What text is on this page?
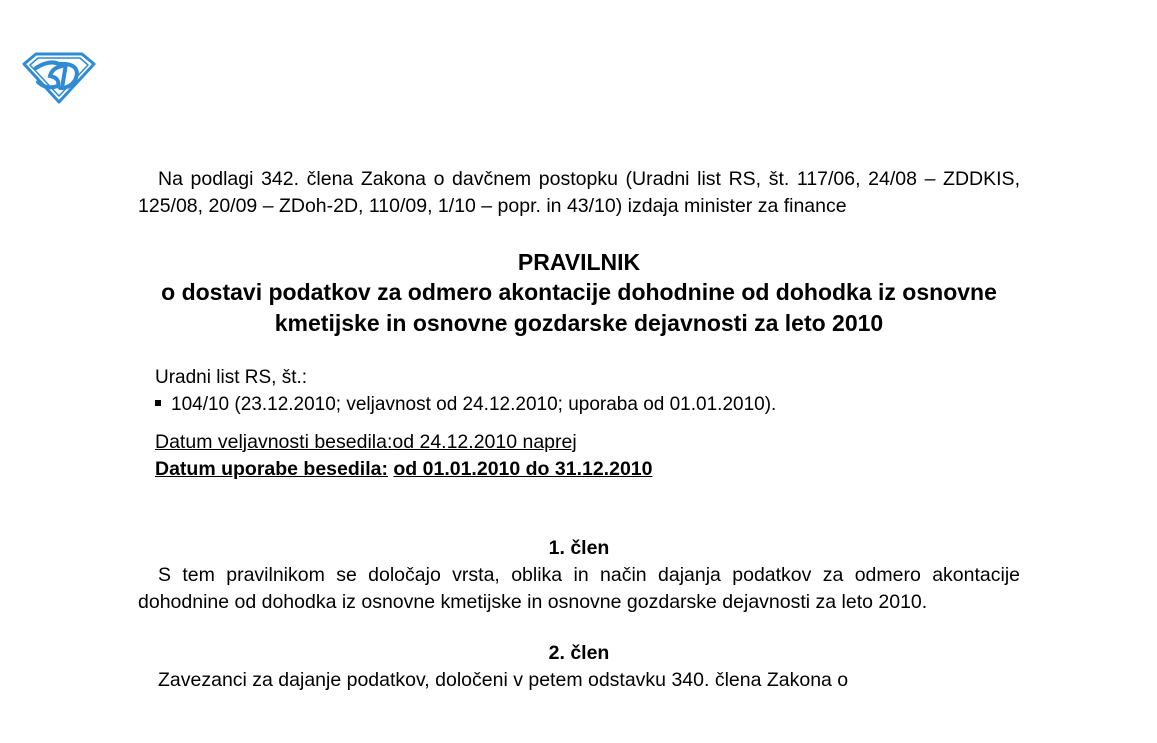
Na podlagi 342. člena Zakona o davčnem postopku (Uradni list RS, št. 117/06, 24/08 – ZDDKIS, 125/08, 20/09 – ZDoh-2D, 110/09, 1/10 – popr. in 43/10) izdaja minister za finance

PRAVILNIK
o dostavi podatkov za odmero akontacije dohodnine od dohodka iz osnovne kmetijske in osnovne gozdarske dejavnosti za leto 2010
Uradni list RS, št.:
104/10 (23.12.2010; veljavnost od 24.12.2010; uporaba od 01.01.2010).
Datum veljavnosti besedila:od 24.12.2010 naprej
Datum uporabe besedila: od 01.01.2010 do 31.12.2010
1. člen

S tem pravilnikom se določajo vrsta, oblika in način dajanja podatkov za odmero akontacije dohodnine od dohodka iz osnovne kmetijske in osnovne gozdarske dejavnosti za leto 2010.

2. člen

Zavezanci za dajanje podatkov, določeni v petem odstavku 340. člena Zakona o
